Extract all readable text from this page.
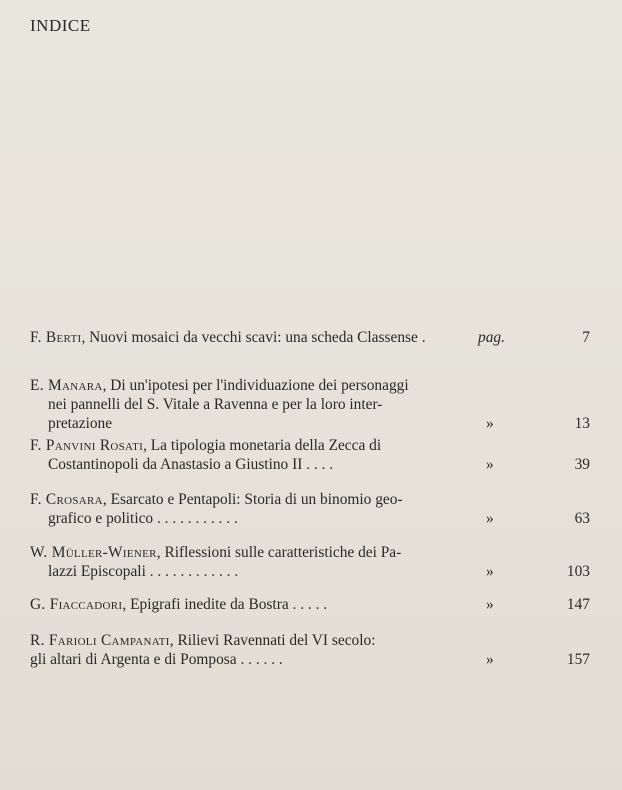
INDICE
F. Berti, Nuovi mosaici da vecchi scavi: una scheda Classense .	pag.	7
E. Manara, Di un'ipotesi per l'individuazione dei personaggi
nei pannelli del S. Vitale a Ravenna e per la loro inter-
pretazione	»	13
F. Panvini Rosati, La tipologia monetaria della Zecca di
Costantinopoli da Anastasio a Giustino II . . . .	»	39
F. Crosara, Esarcato e Pentapoli: Storia di un binomio geo-
grafico e politico . . . . . . . . . . .	»	63
W. Müller-Wiener, Riflessioni sulle caratteristiche dei Pa-
lazzi Episcopali . . . . . . . . . . . .	»	103
G. Fiaccadori, Epigrafi inedite da Bostra . . . . .	»	147
R. Farioli Campanati, Rilievi Ravennati del VI secolo:
gli altari di Argenta e di Pomposa . . . . . .	»	157
